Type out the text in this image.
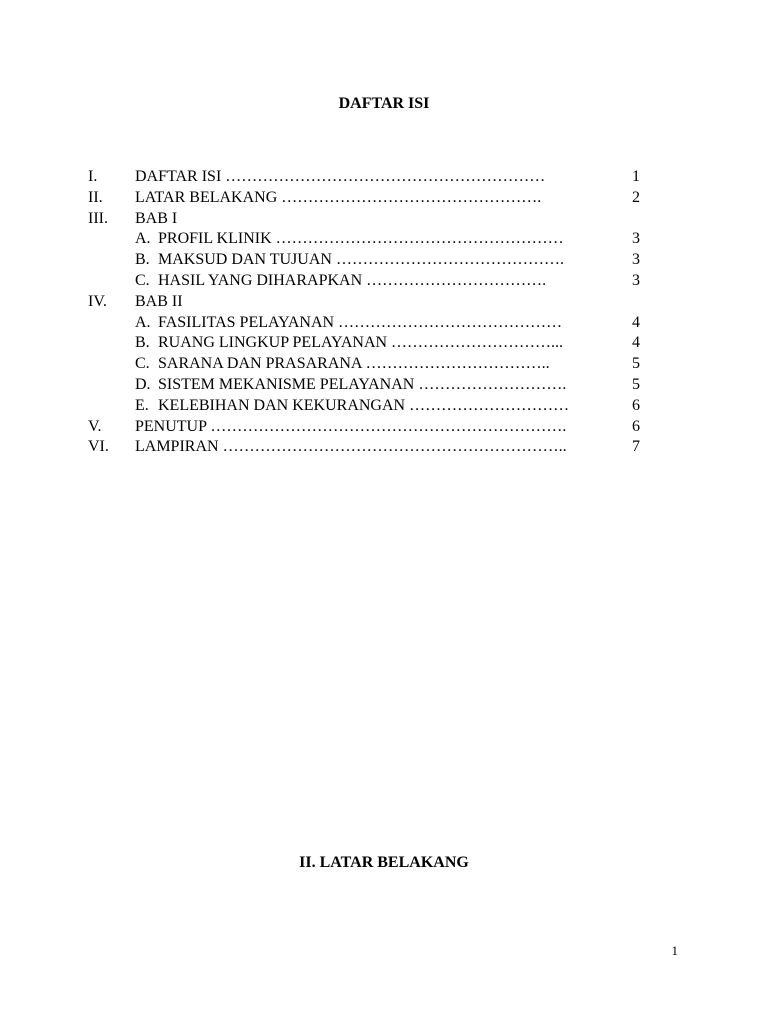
DAFTAR ISI
I. DAFTAR ISI ……………………………………………………	1
II. LATAR BELAKANG ………………………………………….	2
III. BAB I
A. PROFIL KLINIK ………………………………………………	3
B. MAKSUD DAN TUJUAN …………………………………….	3
C. HASIL YANG DIHARAPKAN …………………………….	3
IV. BAB II
A. FASILITAS PELAYANAN ……………………………………	4
B. RUANG LINGKUP PELAYANAN …………………………...	4
C. SARANA DAN PRASARANA ……………………………..	5
D. SISTEM MEKANISME PELAYANAN ……………………….	5
E. KELEBIHAN DAN KEKURANGAN …………………………	6
V. PENUTUP ………………………………………………………….	6
VI. LAMPIRAN ………………………………………………………..	7
II. LATAR BELAKANG
1
